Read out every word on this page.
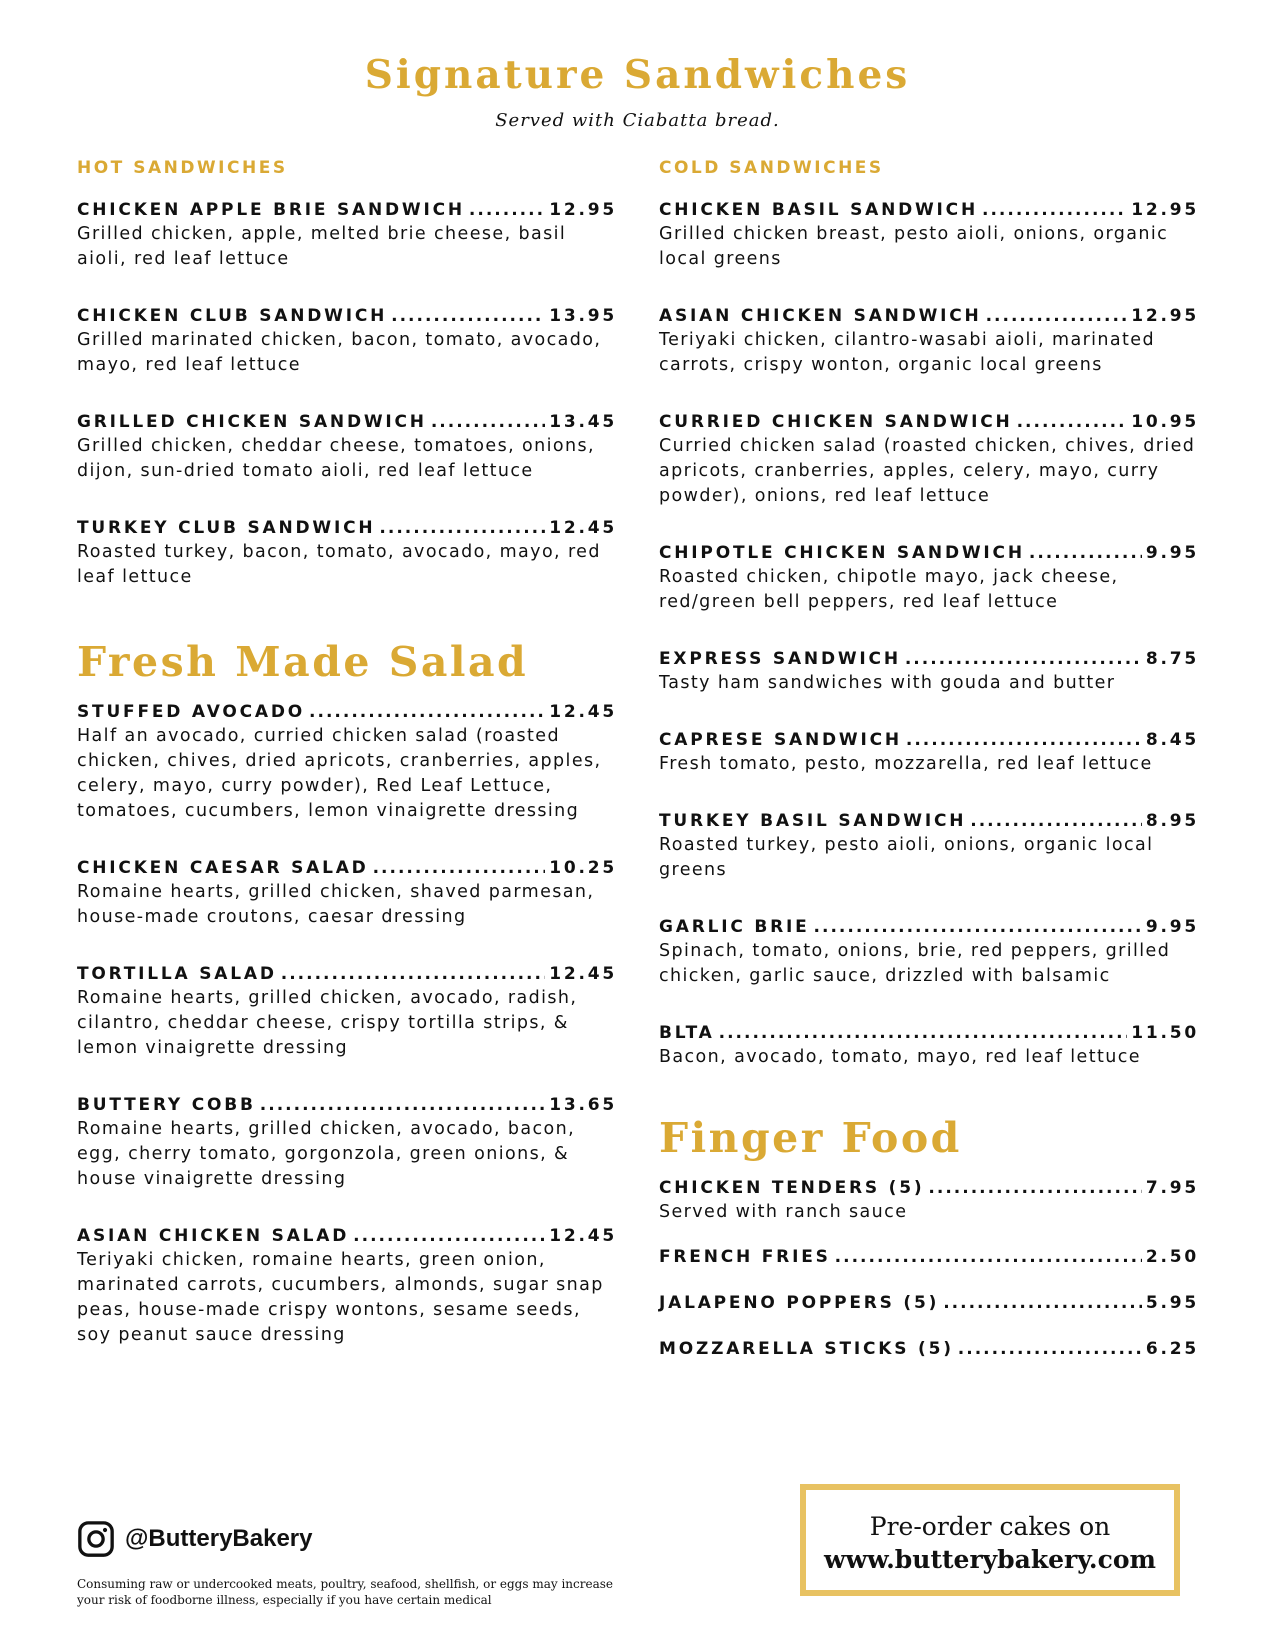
Signature Sandwiches
Served with Ciabatta bread.
HOT SANDWICHES
CHICKEN APPLE BRIE SANDWICH .....	12.95
Grilled chicken, apple, melted brie cheese, basil aioli, red leaf lettuce
CHICKEN CLUB SANDWICH .....	13.95
Grilled marinated chicken, bacon, tomato, avocado, mayo, red leaf lettuce
GRILLED CHICKEN SANDWICH .....	13.45
Grilled chicken, cheddar cheese, tomatoes, onions, dijon, sun-dried tomato aioli, red leaf lettuce
TURKEY CLUB SANDWICH .....	12.45
Roasted turkey, bacon, tomato, avocado, mayo, red leaf lettuce
Fresh Made Salad
STUFFED AVOCADO .....	12.45
Half an avocado, curried chicken salad (roasted chicken, chives, dried apricots, cranberries, apples, celery, mayo, curry powder), Red Leaf Lettuce, tomatoes, cucumbers, lemon vinaigrette dressing
CHICKEN CAESAR SALAD .....	10.25
Romaine hearts, grilled chicken, shaved parmesan, house-made croutons, caesar dressing
TORTILLA SALAD .....	12.45
Romaine hearts, grilled chicken, avocado, radish, cilantro, cheddar cheese, crispy tortilla strips, & lemon vinaigrette dressing
BUTTERY COBB .....	13.65
Romaine hearts, grilled chicken, avocado, bacon, egg, cherry tomato, gorgonzola, green onions, & house vinaigrette dressing
ASIAN CHICKEN SALAD .....	12.45
Teriyaki chicken, romaine hearts, green onion, marinated carrots, cucumbers, almonds, sugar snap peas, house-made crispy wontons, sesame seeds, soy peanut sauce dressing
COLD SANDWICHES
CHICKEN BASIL SANDWICH .....	12.95
Grilled chicken breast, pesto aioli, onions, organic local greens
ASIAN CHICKEN SANDWICH .....	12.95
Teriyaki chicken, cilantro-wasabi aioli, marinated carrots, crispy wonton, organic local greens
CURRIED CHICKEN SANDWICH .....	10.95
Curried chicken salad (roasted chicken, chives, dried apricots, cranberries, apples, celery, mayo, curry powder), onions, red leaf lettuce
CHIPOTLE CHICKEN SANDWICH .....	9.95
Roasted chicken, chipotle mayo, jack cheese, red/green bell peppers, red leaf lettuce
EXPRESS SANDWICH .....	8.75
Tasty ham sandwiches with gouda and butter
CAPRESE SANDWICH .....	8.45
Fresh tomato, pesto, mozzarella, red leaf lettuce
TURKEY BASIL SANDWICH .....	8.95
Roasted turkey, pesto aioli, onions, organic local greens
GARLIC BRIE .....	9.95
Spinach, tomato, onions, brie, red peppers, grilled chicken, garlic sauce, drizzled with balsamic
BLTA .....	11.50
Bacon, avocado, tomato, mayo, red leaf lettuce
Finger Food
CHICKEN TENDERS (5) .....	7.95
Served with ranch sauce
FRENCH FRIES .....	2.50
JALAPENO POPPERS (5) .....	5.95
MOZZARELLA STICKS (5) .....	6.25
@ButteryBakery
Consuming raw or undercooked meats, poultry, seafood, shellfish, or eggs may increase your risk of foodborne illness, especially if you have certain medical
Pre-order cakes on
www.butterybakery.com
